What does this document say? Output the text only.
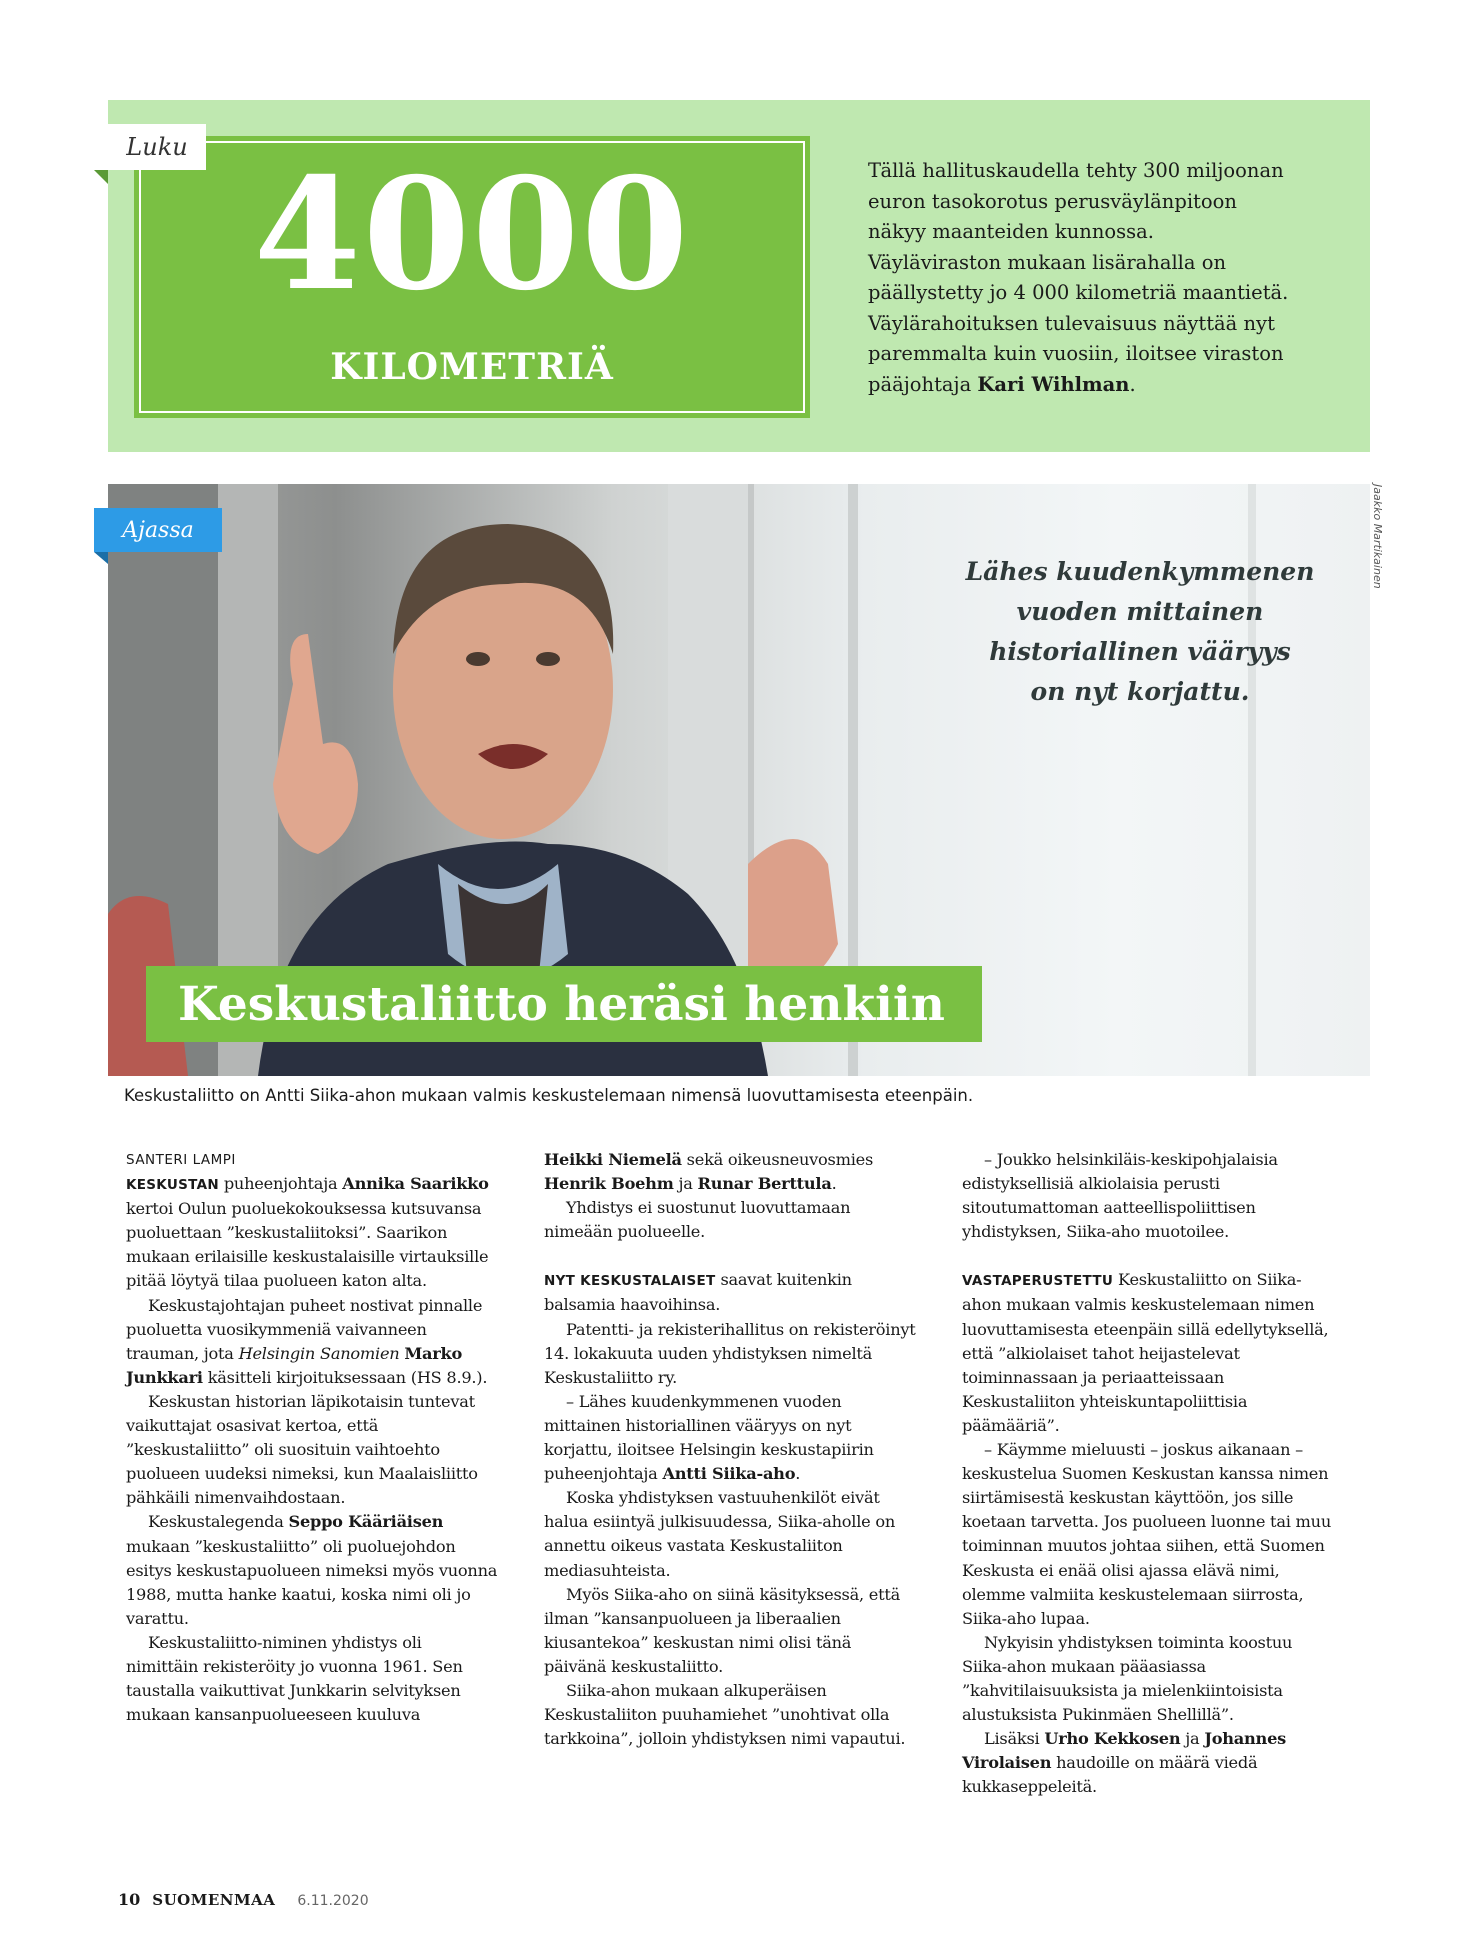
Luku 4000
KILOMETRIÄ
Tällä hallituskaudella tehty 300 miljoonan
euron tasokorotus perusväylänpitoon
näkyy maanteiden kunnossa.
Väyläviraston mukaan lisärahalla on
päällystetty jo 4 000 kilometriä maantietä.
Väylärahoituksen tulevaisuus näyttää nyt
paremmalta kuin vuosiin, iloitsee viraston
pääjohtaja Kari Wihlman.
Ajassa	Jaakko Martikainen
Lähes kuudenkymmenen
vuoden mittainen
historiallinen vääryys
on nyt korjattu.
Keskustaliitto heräsi henkiin
Keskustaliitto on Antti Siika-ahon mukaan valmis keskustelemaan nimensä luovuttamisesta eteenpäin.

SANTERI LAMPI

KESKUSTAN puheenjohtaja Annika Saarikko kertoi Oulun puoluekokouksessa kutsuvansa puoluettaan ”keskustaliitoksi”. Saarikon mukaan erilaisille keskustalaisille virtauksille pitää löytyä tilaa puolueen katon alta.

Keskustajohtajan puheet nostivat pinnalle puoluetta vuosikymmeniä vaivanneen trauman, jota Helsingin Sanomien Marko Junkkari käsitteli kirjoituksessaan (HS 8.9.).

Keskustan historian läpikotaisin tuntevat vaikuttajat osasivat kertoa, että ”keskustaliitto” oli suosituin vaihtoehto puolueen uudeksi nimeksi, kun Maalaisliitto pähkäili nimenvaihdostaan.

Keskustalegenda Seppo Kääriäisen mukaan ”keskustaliitto” oli puoluejohdon esitys keskustapuolueen nimeksi myös vuonna 1988, mutta hanke kaatui, koska nimi oli jo varattu.

Keskustaliitto-niminen yhdistys oli nimittäin rekisteröity jo vuonna 1961. Sen taustalla vaikuttivat Junkkarin selvityksen mukaan kansanpuolueeseen kuuluva

Heikki Niemelä sekä oikeusneuvosmies Henrik Boehm ja Runar Berttula.

Yhdistys ei suostunut luovuttamaan nimeään puolueelle.

NYT KESKUSTALAISET saavat kuitenkin balsamia haavoihinsa.

Patentti- ja rekisterihallitus on rekisteröinyt 14. lokakuuta uuden yhdistyksen nimeltä Keskustaliitto ry.

– Lähes kuudenkymmenen vuoden mittainen historiallinen vääryys on nyt korjattu, iloitsee Helsingin keskustapiirin puheenjohtaja Antti Siika-aho.

Koska yhdistyksen vastuuhenkilöt eivät halua esiintyä julkisuudessa, Siika-aholle on annettu oikeus vastata Keskustaliiton mediasuhteista.

Myös Siika-aho on siinä käsityksessä, että ilman ”kansanpuolueen ja liberaalien kiusantekoa” keskustan nimi olisi tänä päivänä keskustaliitto.

Siika-ahon mukaan alkuperäisen Keskustaliiton puuhamiehet ”unohtivat olla tarkkoina”, jolloin yhdistyksen nimi vapautui.

– Joukko helsinkiläis-keskipohjalaisia edistyksellisiä alkiolaisia perusti sitoutumattoman aatteellispoliittisen yhdistyksen, Siika-aho muotoilee.

VASTAPERUSTETTU Keskustaliitto on Siika-ahon mukaan valmis keskustelemaan nimen luovuttamisesta eteenpäin sillä edellytyksellä, että ”alkiolaiset tahot heijastelevat toiminnassaan ja periaatteissaan Keskustaliiton yhteiskuntapoliittisia päämääriä”.

– Käymme mieluusti – joskus aikanaan – keskustelua Suomen Keskustan kanssa nimen siirtämisestä keskustan käyttöön, jos sille koetaan tarvetta. Jos puolueen luonne tai muu toiminnan muutos johtaa siihen, että Suomen Keskusta ei enää olisi ajassa elävä nimi, olemme valmiita keskustelemaan siirrosta, Siika-aho lupaa.

Nykyisin yhdistyksen toiminta koostuu Siika-ahon mukaan pääasiassa ”kahvitilaisuuksista ja mielenkiintoisista alustuksista Pukinmäen Shellillä”.

Lisäksi Urho Kekkosen ja Johannes Virolaisen haudoille on määrä viedä kukkaseppeleitä.

10 SUOMENMAA 6.11.2020
